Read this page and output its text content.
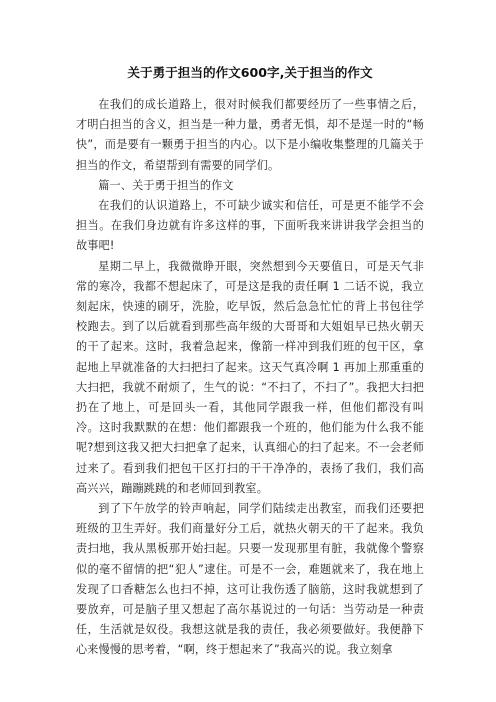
关于勇于担当的作文600字,关于担当的作文

在我们的成长道路上，很对时候我们都要经历了一些事情之后，才明白担当的含义，担当是一种力量，勇者无惧，却不是逞一时的“畅快”，而是要有一颗勇于担当的内心。以下是小编收集整理的几篇关于担当的作文，希望帮到有需要的同学们。

篇一、关于勇于担当的作文

在我们的认识道路上，不可缺少诚实和信任，可是更不能学不会担当。在我们身边就有许多这样的事，下面听我来讲讲我学会担当的故事吧!

星期二早上，我微微睁开眼，突然想到今天要值日，可是天气非常的寒冷，我都不想起床了，可是这是我的责任啊 1 二话不说，我立刻起床，快速的刷牙，洗脸，吃早饭，然后急急忙忙的背上书包往学校跑去。到了以后就看到那些高年级的大哥哥和大姐姐早已热火朝天的干了起来。这时，我着急起来，像箭一样冲到我们班的包干区，拿起地上早就准备的大扫把扫了起来。这天气真冷啊 1 再加上那重重的大扫把，我就不耐烦了，生气的说：“不扫了，不扫了”。我把大扫把扔在了地上，可是回头一看，其他同学跟我一样，但他们都没有叫冷。这时我默默的在想：他们都跟我一个班的，他们能为什么我不能呢?想到这我又把大扫把拿了起来，认真细心的扫了起来。不一会老师过来了。看到我们把包干区打扫的干干净净的，表扬了我们，我们高高兴兴，蹦蹦跳跳的和老师回到教室。

到了下午放学的铃声响起，同学们陆续走出教室，而我们还要把班级的卫生弄好。我们商量好分工后，就热火朝天的干了起来。我负责扫地，我从黑板那开始扫起。只要一发现那里有脏，我就像个警察似的毫不留情的把“犯人”逮住。可是不一会，难题就来了，我在地上发现了口香糖怎么也扫不掉，这可让我伤透了脑筋，这时我就想到了要放弃，可是脑子里又想起了高尔基说过的一句话：当劳动是一种责任，生活就是奴役。我想这就是我的责任，我必须要做好。我便静下心来慢慢的思考着，“啊，终于想起来了”我高兴的说。我立刻拿
